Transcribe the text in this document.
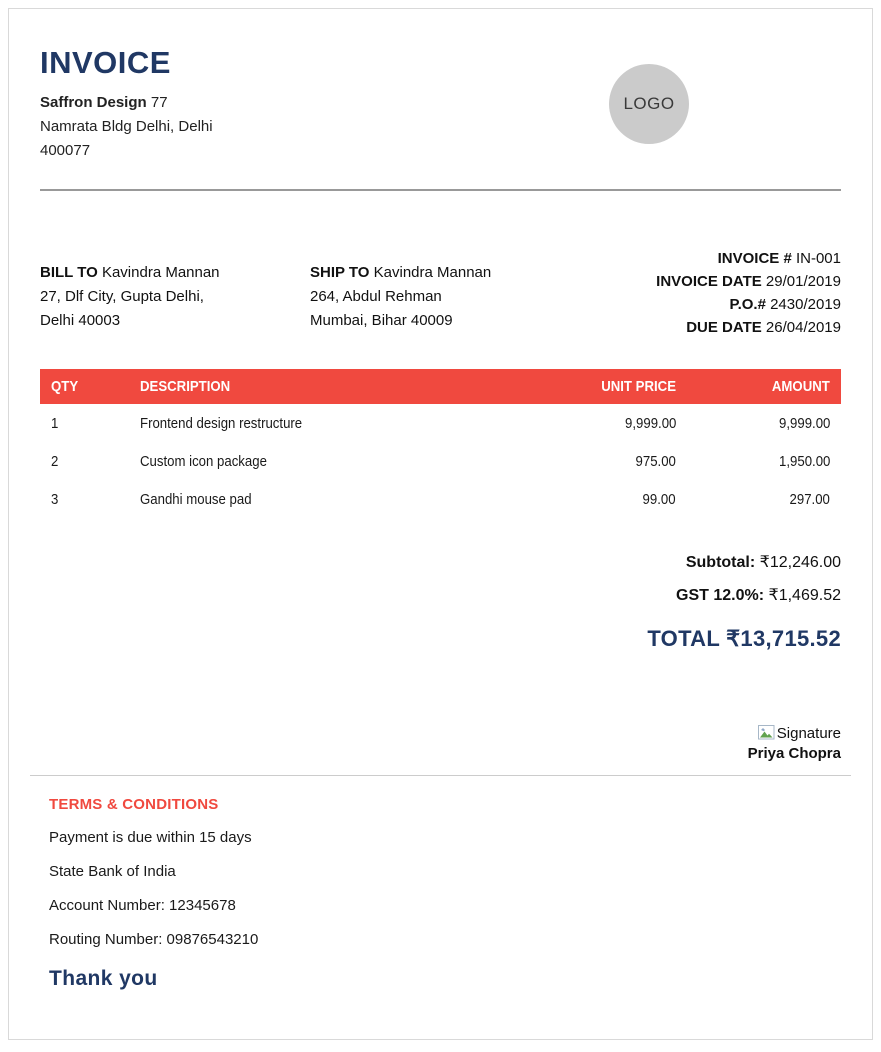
INVOICE

Saffron Design 77

Namrata Bldg Delhi, Delhi

400077

LOGO

BILL TO Kavindra Mannan

27, Dlf City, Gupta Delhi,

Delhi 40003

SHIP TO Kavindra Mannan

264, Abdul Rehman

Mumbai, Bihar 40009

INVOICE # IN-001
INVOICE DATE 29/01/2019
P.O.# 2430/2019
DUE DATE 26/04/2019
QTY	DESCRIPTION	UNIT PRICE	AMOUNT
1	Frontend design restructure	9,999.00	9,999.00
2	Custom icon package	975.00	1,950.00
3	Gandhi mouse pad	99.00	297.00
Subtotal: ₹12,246.00
GST 12.0%: ₹1,469.52
TOTAL ₹13,715.52
Signature
Priya Chopra
TERMS & CONDITIONS

Payment is due within 15 days

State Bank of India

Account Number: 12345678

Routing Number: 09876543210

Thank you
